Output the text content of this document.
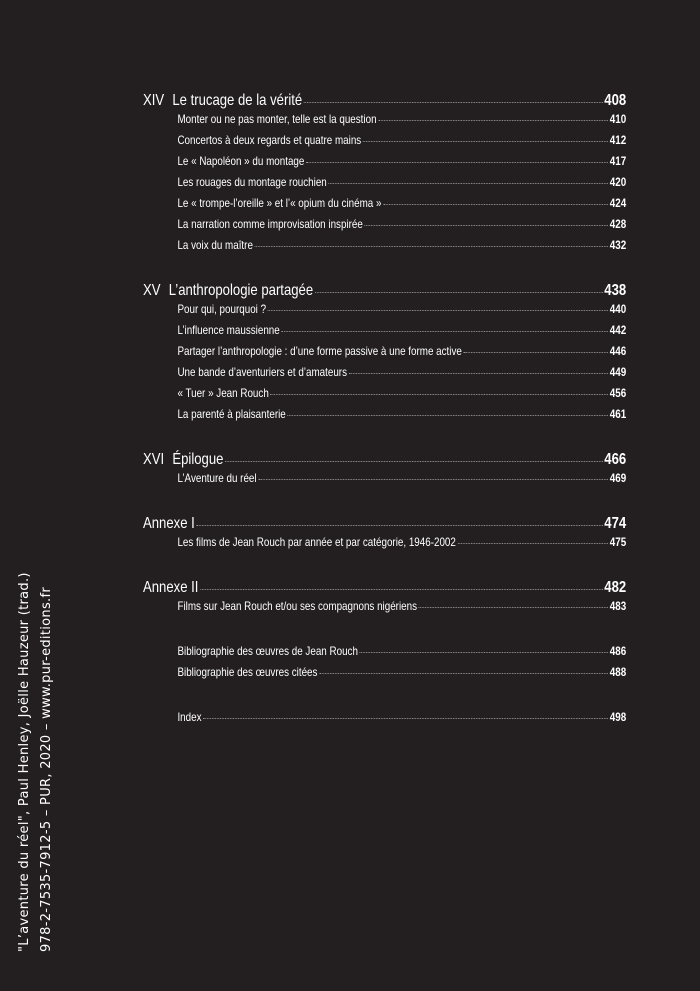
XIV Le trucage de la vérité	408
Monter ou ne pas monter, telle est la question	410
Concertos à deux regards et quatre mains	412
Le « Napoléon » du montage	417
Les rouages du montage rouchien	420
Le « trompe-l’oreille » et l’« opium du cinéma »	424
La narration comme improvisation inspirée	428
La voix du maître	432
XV L’anthropologie partagée	438
Pour qui, pourquoi ?	440
L’influence maussienne	442
Partager l’anthropologie : d’une forme passive à une forme active	446
Une bande d’aventuriers et d’amateurs	449
« Tuer » Jean Rouch	456
La parenté à plaisanterie	461
XVI Épilogue	466
L’Aventure du réel	469
Annexe I	474
Les films de Jean Rouch par année et par catégorie, 1946-2002	475
Annexe II	482
Films sur Jean Rouch et/ou ses compagnons nigériens	483
Bibliographie des œuvres de Jean Rouch	486
Bibliographie des œuvres citées	488
Index	498
"L’aventure du réel", Paul Henley, Joëlle Hauzeur (trad.) 978-2-7535-7912-5 – PUR, 2020 – www.pur-editions.fr
